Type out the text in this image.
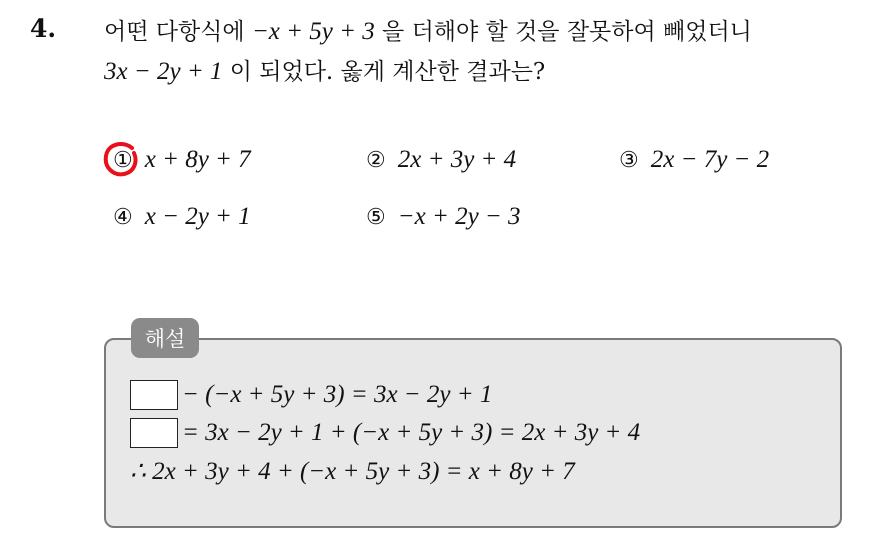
4. 어떤 다항식에 −x + 5y + 3 을 더해야 할 것을 잘못하여 빼었더니
3x − 2y + 1 이 되었다. 옳게 계산한 결과는?
① x + 8y + 7	② 2x + 3y + 4	③ 2x − 7y − 2
④ x − 2y + 1	⑤ −x + 2y − 3
해설
− (−x + 5y + 3) = 3x − 2y + 1
= 3x − 2y + 1 + (−x + 5y + 3) = 2x + 3y + 4
∴ 2x + 3y + 4 + (−x + 5y + 3) = x + 8y + 7
